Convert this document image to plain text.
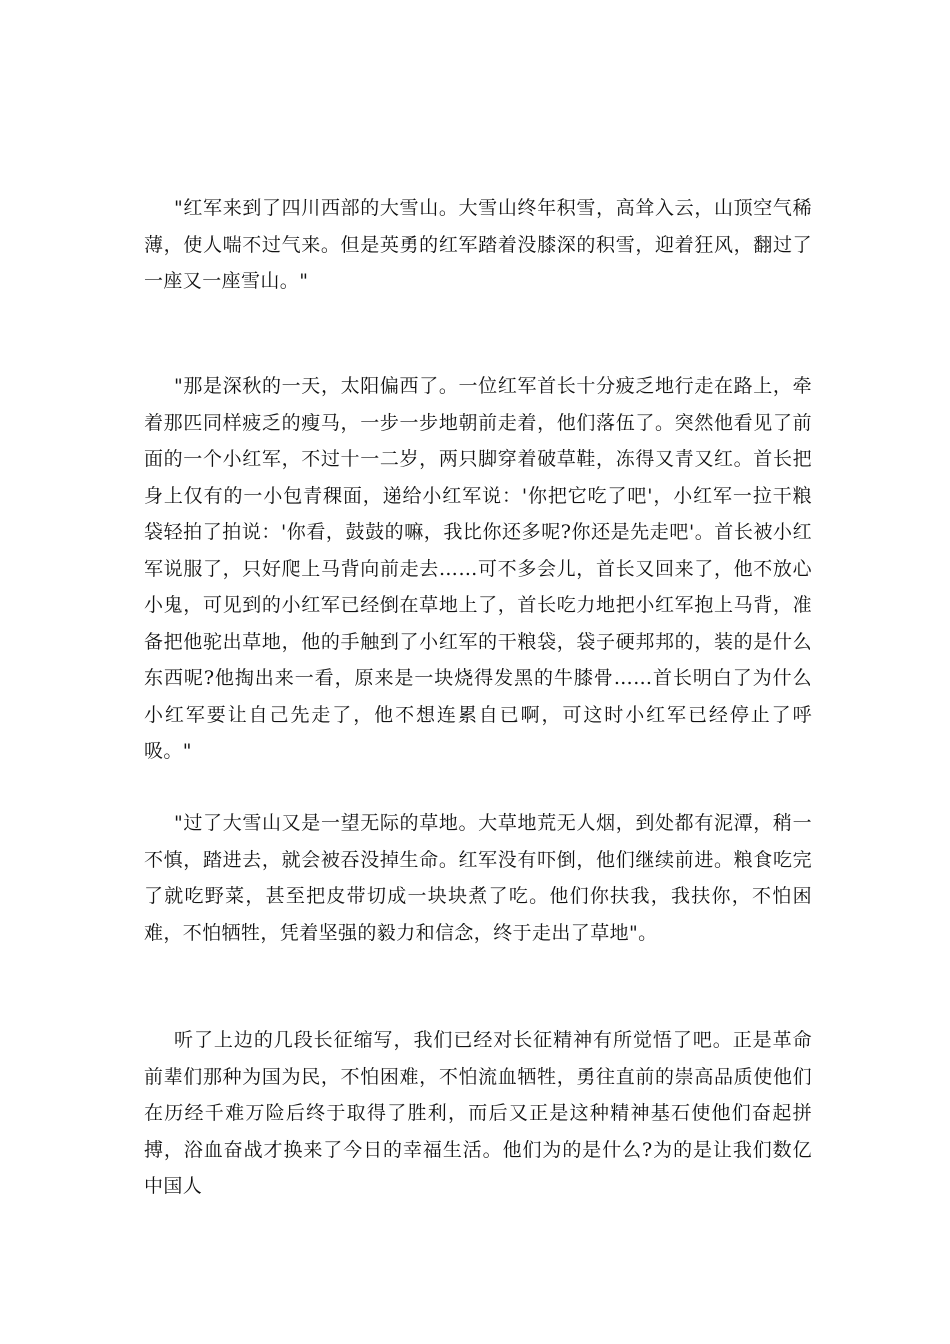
"红军来到了四川西部的大雪山。大雪山终年积雪，高耸入云，山顶空气稀薄，使人喘不过气来。但是英勇的红军踏着没膝深的积雪，迎着狂风，翻过了一座又一座雪山。"

"那是深秋的一天，太阳偏西了。一位红军首长十分疲乏地行走在路上，牵着那匹同样疲乏的瘦马，一步一步地朝前走着，他们落伍了。突然他看见了前面的一个小红军，不过十一二岁，两只脚穿着破草鞋，冻得又青又红。首长把身上仅有的一小包青稞面，递给小红军说：'你把它吃了吧'，小红军一拉干粮袋轻拍了拍说：'你看，鼓鼓的嘛，我比你还多呢?你还是先走吧'。首长被小红军说服了，只好爬上马背向前走去……可不多会儿，首长又回来了，他不放心小鬼，可见到的小红军已经倒在草地上了，首长吃力地把小红军抱上马背，准备把他驼出草地，他的手触到了小红军的干粮袋，袋子硬邦邦的，装的是什么东西呢?他掏出来一看，原来是一块烧得发黑的牛膝骨……首长明白了为什么小红军要让自己先走了，他不想连累自已啊，可这时小红军已经停止了呼吸。"

"过了大雪山又是一望无际的草地。大草地荒无人烟，到处都有泥潭，稍一不慎，踏进去，就会被吞没掉生命。红军没有吓倒，他们继续前进。粮食吃完了就吃野菜，甚至把皮带切成一块块煮了吃。他们你扶我，我扶你，不怕困难，不怕牺牲，凭着坚强的毅力和信念，终于走出了草地"。

听了上边的几段长征缩写，我们已经对长征精神有所觉悟了吧。正是革命前辈们那种为国为民，不怕困难，不怕流血牺牲，勇往直前的崇高品质使他们在历经千难万险后终于取得了胜利，而后又正是这种精神基石使他们奋起拼搏，浴血奋战才换来了今日的幸福生活。他们为的是什么?为的是让我们数亿中国人
